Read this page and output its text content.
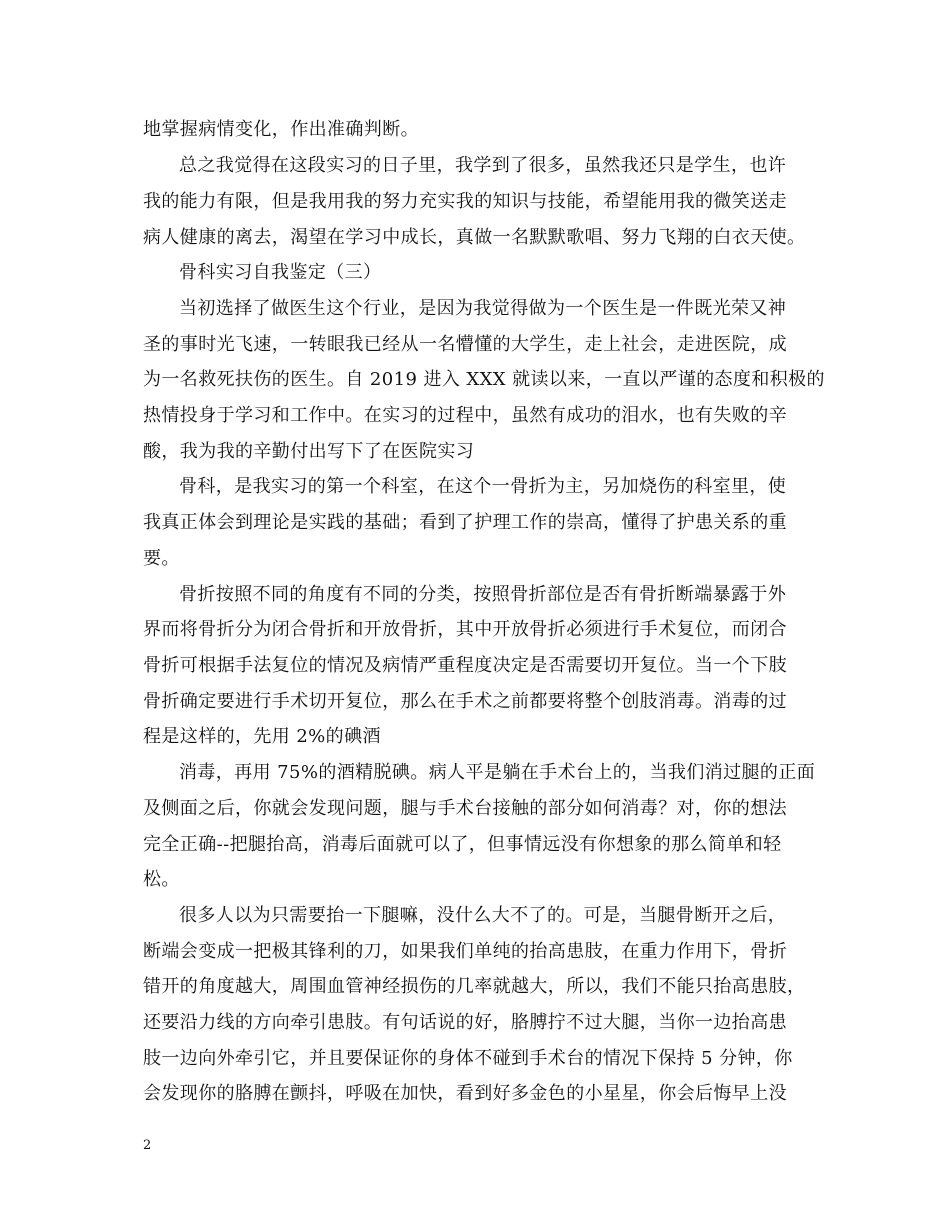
地掌握病情变化，作出准确判断。
总之我觉得在这段实习的日子里，我学到了很多，虽然我还只是学生，也许
我的能力有限，但是我用我的努力充实我的知识与技能，希望能用我的微笑送走
病人健康的离去，渴望在学习中成长，真做一名默默歌唱、努力飞翔的白衣天使。
骨科实习自我鉴定（三）
当初选择了做医生这个行业，是因为我觉得做为一个医生是一件既光荣又神
圣的事时光飞速，一转眼我已经从一名懵懂的大学生，走上社会，走进医院，成
为一名救死扶伤的医生。自 2019 进入 XXX 就读以来，一直以严谨的态度和积极的
热情投身于学习和工作中。在实习的过程中，虽然有成功的泪水，也有失败的辛
酸，我为我的辛勤付出写下了在医院实习
骨科，是我实习的第一个科室，在这个一骨折为主，另加烧伤的科室里，使
我真正体会到理论是实践的基础；看到了护理工作的崇高，懂得了护患关系的重
要。
骨折按照不同的角度有不同的分类，按照骨折部位是否有骨折断端暴露于外
界而将骨折分为闭合骨折和开放骨折，其中开放骨折必须进行手术复位，而闭合
骨折可根据手法复位的情况及病情严重程度决定是否需要切开复位。当一个下肢
骨折确定要进行手术切开复位，那么在手术之前都要将整个创肢消毒。消毒的过
程是这样的，先用 2%的碘酒
消毒，再用 75%的酒精脱碘。病人平是躺在手术台上的，当我们消过腿的正面
及侧面之后，你就会发现问题，腿与手术台接触的部分如何消毒？对，你的想法
完全正确--把腿抬高，消毒后面就可以了，但事情远没有你想象的那么简单和轻
松。
很多人以为只需要抬一下腿嘛，没什么大不了的。可是，当腿骨断开之后，
断端会变成一把极其锋利的刀，如果我们单纯的抬高患肢，在重力作用下，骨折
错开的角度越大，周围血管神经损伤的几率就越大，所以，我们不能只抬高患肢，
还要沿力线的方向牵引患肢。有句话说的好，胳膊拧不过大腿，当你一边抬高患
肢一边向外牵引它，并且要保证你的身体不碰到手术台的情况下保持 5 分钟，你
会发现你的胳膊在颤抖，呼吸在加快，看到好多金色的小星星，你会后悔早上没
2
